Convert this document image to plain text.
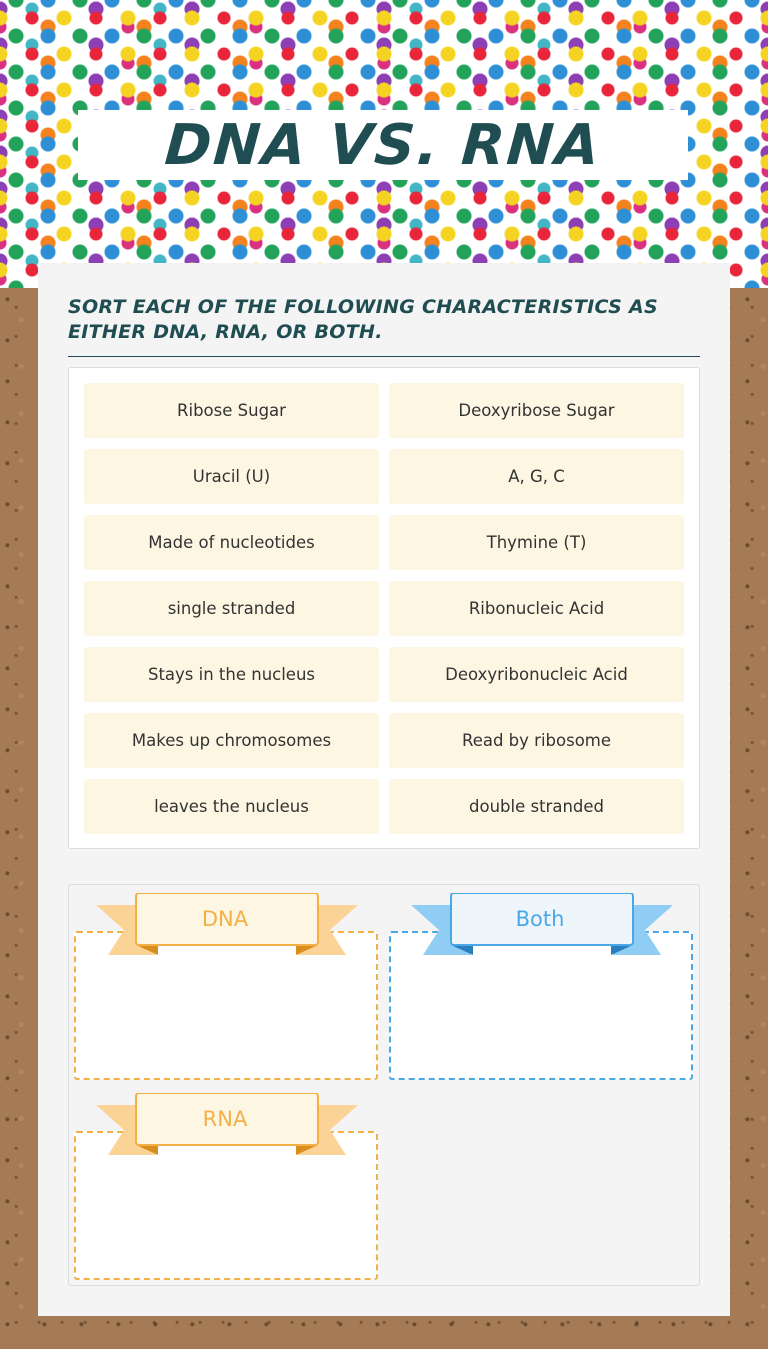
DNA VS. RNA

SORT EACH OF THE FOLLOWING CHARACTERISTICS AS EITHER DNA, RNA, OR BOTH.

Ribose Sugar	Deoxyribose Sugar
Uracil (U)	A, G, C
Made of nucleotides	Thymine (T)
single stranded	Ribonucleic Acid
Stays in the nucleus	Deoxyribonucleic Acid
Makes up chromosomes	Read by ribosome
leaves the nucleus	double stranded
DNA	Both
RNA
